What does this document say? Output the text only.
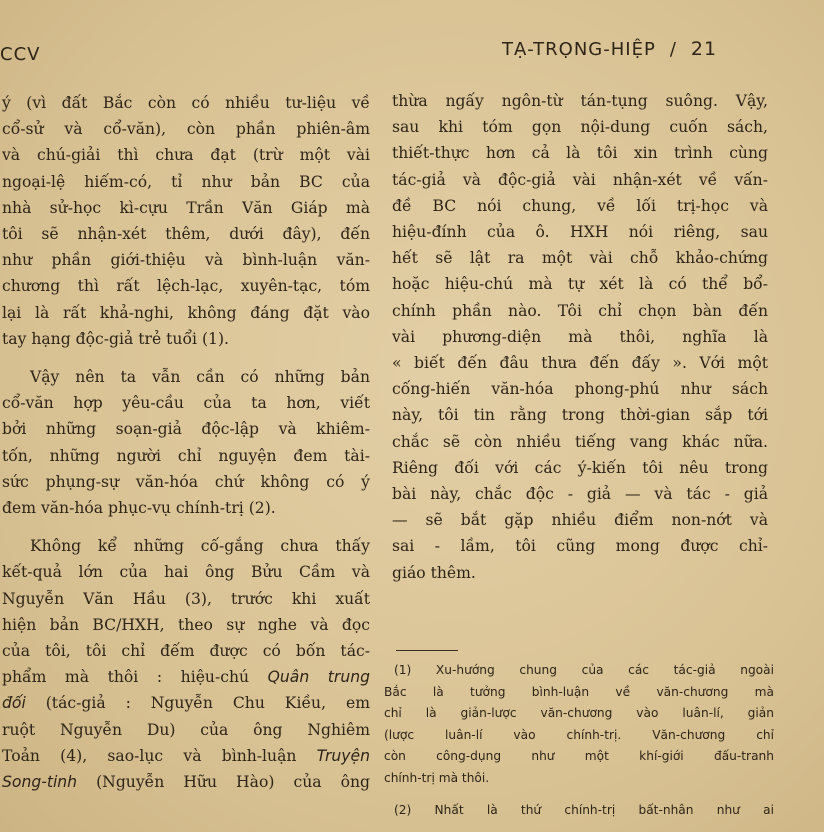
CCV	TẠ-TRỌNG-HIỆP / 21

ý (vì đất Bắc còn có nhiều tư-liệu về
cổ-sử và cổ-văn), còn phần phiên-âm
và chú-giải thì chưa đạt (trừ một vài
ngoại-lệ hiếm-có, tỉ như bản BC của
nhà sử-học kì-cựu Trần Văn Giáp mà
tôi sẽ nhận-xét thêm, dưới đây), đến
như phần giới-thiệu và bình-luận văn-
chương thì rất lệch-lạc, xuyên-tạc, tóm
lại là rất khả-nghi, không đáng đặt vào
tay hạng độc-giả trẻ tuổi (1).

Vậy nên ta vẫn cần có những bản
cổ-văn hợp yêu-cầu của ta hơn, viết
bởi những soạn-giả độc-lập và khiêm-
tốn, những người chỉ nguyện đem tài-
sức phụng-sự văn-hóa chứ không có ý
đem văn-hóa phục-vụ chính-trị (2).

Không kể những cố-gắng chưa thấy
kết-quả lớn của hai ông Bửu Cầm và
Nguyễn Văn Hầu (3), trước khi xuất
hiện bản BC/HXH, theo sự nghe và đọc
của tôi, tôi chỉ đếm được có bốn tác-
phẩm mà thôi : hiệu-chú Quân trung
đối (tác-giả : Nguyễn Chu Kiều, em
ruột Nguyễn Du) của ông Nghiêm
Toản (4), sao-lục và bình-luận Truyện
Song-tinh (Nguyễn Hữu Hào) của ông

thừa ngấy ngôn-từ tán-tụng suông. Vậy,
sau khi tóm gọn nội-dung cuốn sách,
thiết-thực hơn cả là tôi xin trình cùng
tác-giả và độc-giả vài nhận-xét về vấn-
đề BC nói chung, về lối trị-học và
hiệu-đính của ô. HXH nói riêng, sau
hết sẽ lật ra một vài chỗ khảo-chứng
hoặc hiệu-chú mà tự xét là có thể bổ-
chính phần nào. Tôi chỉ chọn bàn đến
vài phương-diện mà thôi, nghĩa là
« biết đến đâu thưa đến đấy ». Với một
cống-hiến văn-hóa phong-phú như sách
này, tôi tin rằng trong thời-gian sắp tới
chắc sẽ còn nhiều tiếng vang khác nữa.
Riêng đối với các ý-kiến tôi nêu trong
bài này, chắc độc - giả — và tác - giả
— sẽ bắt gặp nhiều điểm non-nớt và
sai - lầm, tôi cũng mong được chỉ-
giáo thêm.

(1) Xu-hướng chung của các tác-giả ngoài
Bắc là tưởng bình-luận về văn-chương mà
chỉ là giản-lược văn-chương vào luân-lí, giản
(lược luân-lí vào chính-trị. Văn-chương chỉ
còn công-dụng như một khí-giới đấu-tranh
chính-trị mà thôi.
(2) Nhất là thứ chính-trị bất-nhân như ai
